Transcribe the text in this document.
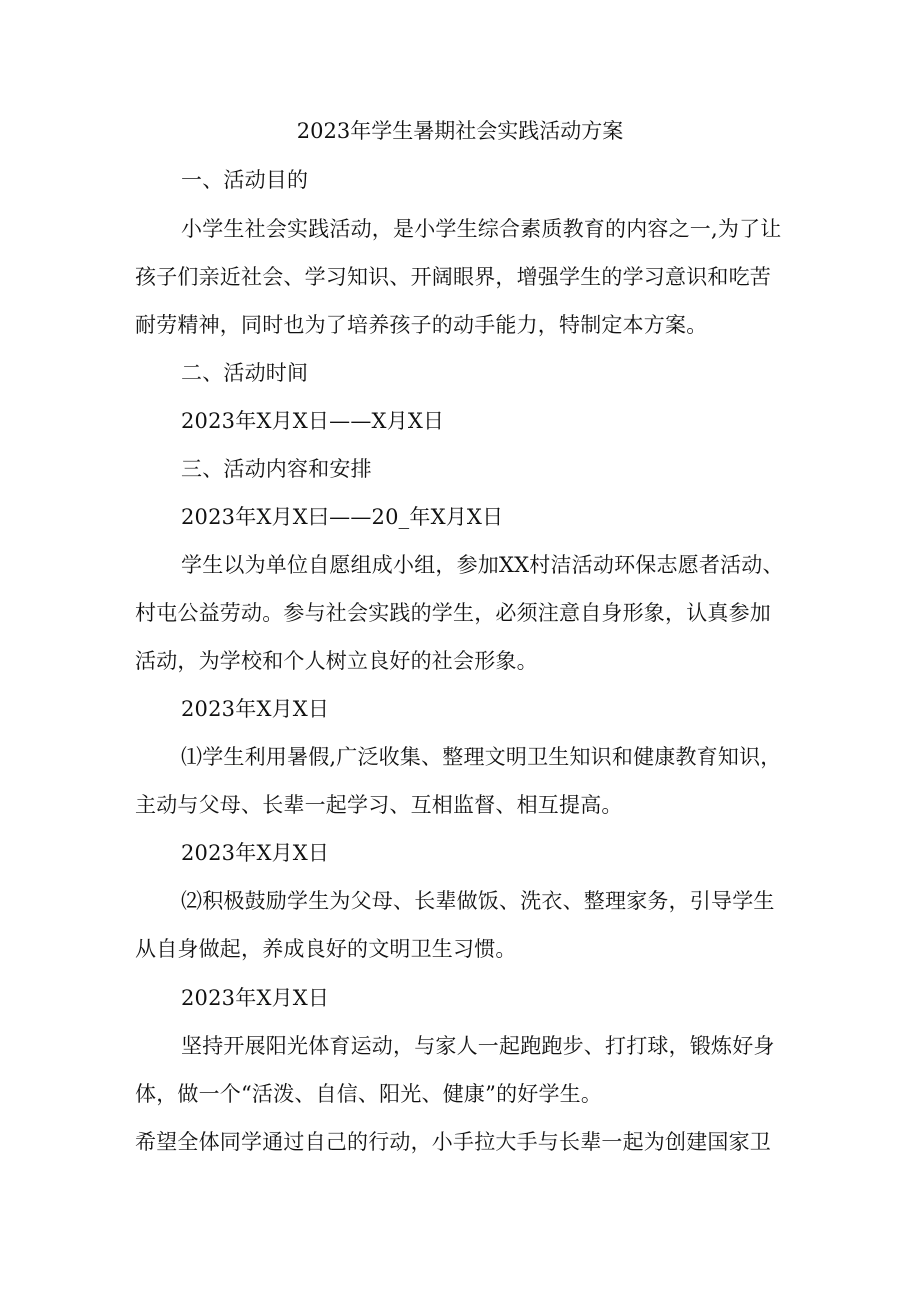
2023年学生暑期社会实践活动方案
一、活动目的
小学生社会实践活动，是小学生综合素质教育的内容之一,为了让
孩子们亲近社会、学习知识、开阔眼界，增强学生的学习意识和吃苦
耐劳精神，同时也为了培养孩子的动手能力，特制定本方案。
二、活动时间
2023年X月X日——X月X日
三、活动内容和安排
2023年X月X曰——20_年X月X日
学生以为单位自愿组成小组，参加XX村洁活动环保志愿者活动、
村屯公益劳动。参与社会实践的学生，必须注意自身形象，认真参加
活动，为学校和个人树立良好的社会形象。
2023年X月X日
⑴学生利用暑假,广泛收集、整理文明卫生知识和健康教育知识，
主动与父母、长辈一起学习、互相监督、相互提高。
2023年X月X日
⑵积极鼓励学生为父母、长辈做饭、洗衣、整理家务，引导学生
从自身做起，养成良好的文明卫生习惯。
2023年X月X日
坚持开展阳光体育运动，与家人一起跑跑步、打打球，锻炼好身
体，做一个“活泼、自信、阳光、健康”的好学生。
希望全体同学通过自己的行动，小手拉大手与长辈一起为创建国家卫
